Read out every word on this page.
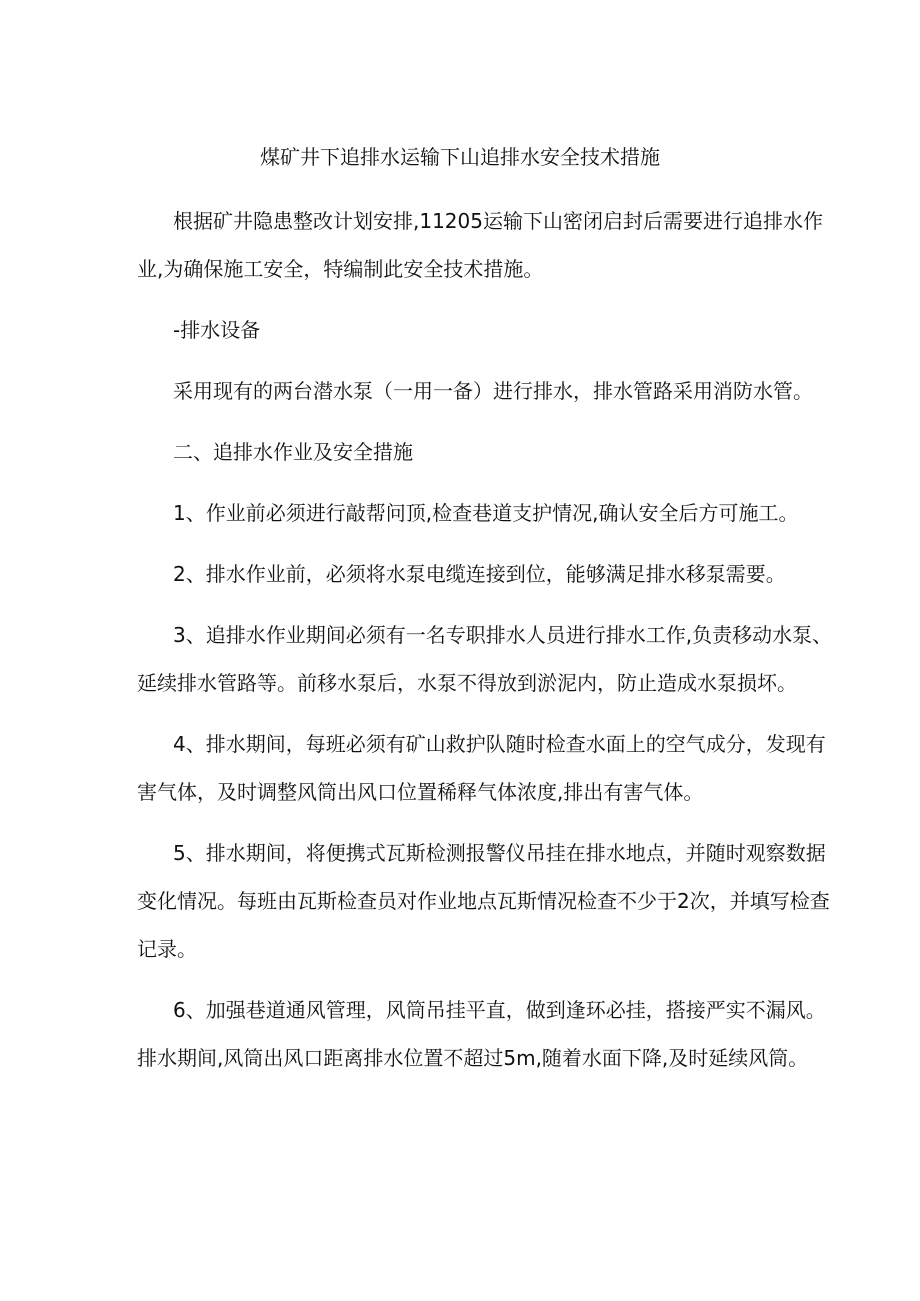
煤矿井下追排水运输下山追排水安全技术措施
根据矿井隐患整改计划安排,11205运输下山密闭启封后需要进行追排水作
业,为确保施工安全，特编制此安全技术措施。
-排水设备
采用现有的两台潜水泵（一用一备）进行排水，排水管路采用消防水管。
二、追排水作业及安全措施
1、作业前必须进行敲帮问顶,检查巷道支护情况,确认安全后方可施工。
2、排水作业前，必须将水泵电缆连接到位，能够满足排水移泵需要。
3、追排水作业期间必须有一名专职排水人员进行排水工作,负责移动水泵、
延续排水管路等。前移水泵后，水泵不得放到淤泥内，防止造成水泵损坏。
4、排水期间，每班必须有矿山救护队随时检查水面上的空气成分，发现有
害气体，及时调整风筒出风口位置稀释气体浓度,排出有害气体。
5、排水期间，将便携式瓦斯检测报警仪吊挂在排水地点，并随时观察数据
变化情况。每班由瓦斯检查员对作业地点瓦斯情况检查不少于2次，并填写检查
记录。
6、加强巷道通风管理，风筒吊挂平直，做到逢环必挂，搭接严实不漏风。
排水期间,风筒出风口距离排水位置不超过5m,随着水面下降,及时延续风筒。
